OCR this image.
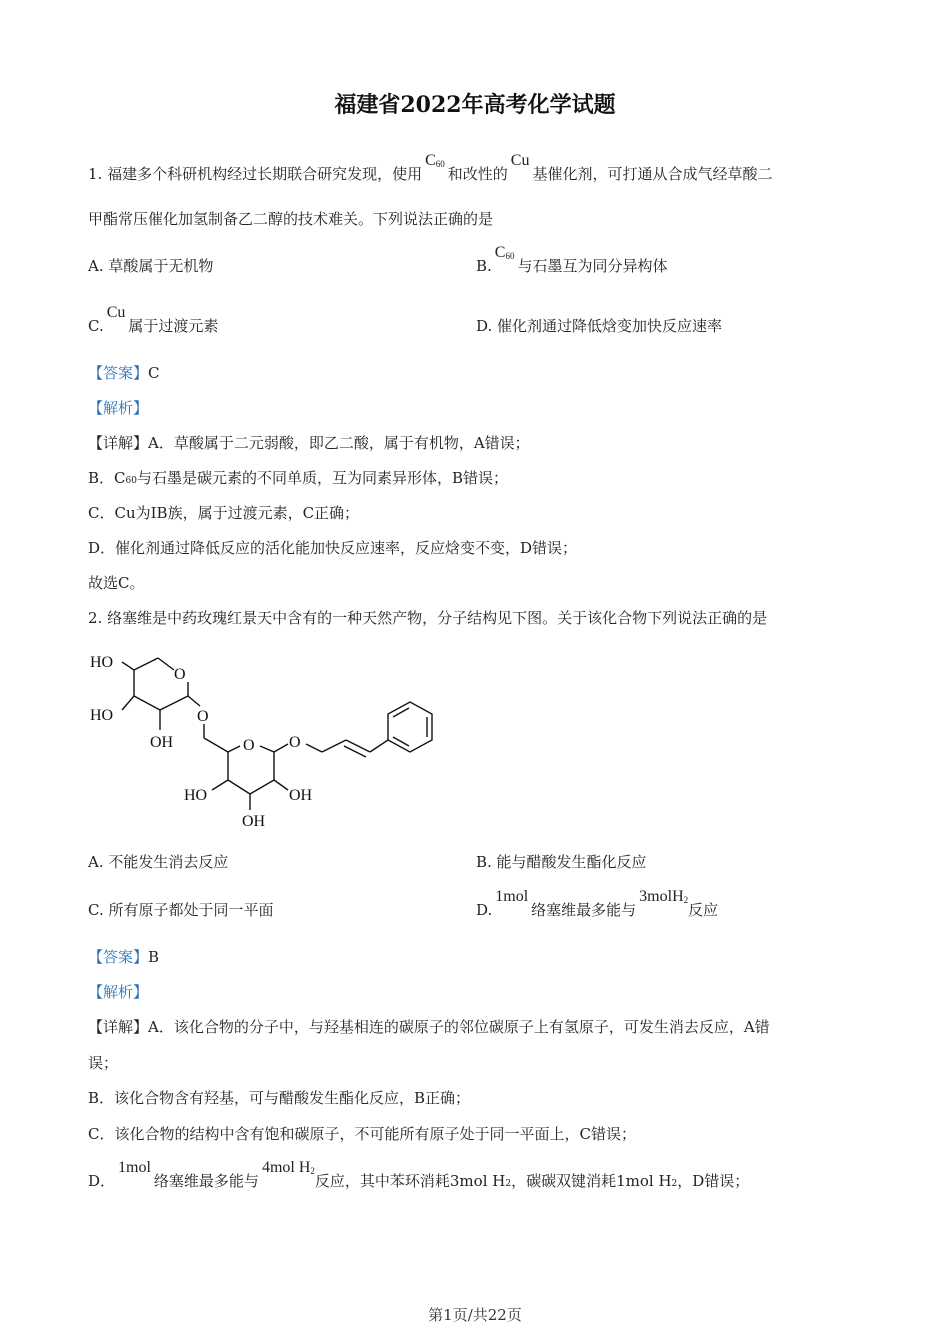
福建省2022年高考化学试题
1. 福建多个科研机构经过长期联合研究发现，使用$C_{60}$和改性的Cu基催化剂，可打通从合成气经草酸二
甲酯常压催化加氢制备乙二醇的技术难关。下列说法正确的是
A. 草酸属于无机物	$B.C_{60}$与石墨互为同分异构体
C.Cu属于过渡元素	D. 催化剂通过降低焓变加快反应速率
【答案】C
【解析】
【详解】A．草酸属于二元弱酸，即乙二酸，属于有机物，A错误；
B．C60与石墨是碳元素的不同单质，互为同素异形体，B错误；
C．Cu为ⅠB族，属于过渡元素，C正确；
D．催化剂通过降低反应的活化能加快反应速率，反应焓变不变，D错误；
故选C。
2. 络塞维是中药玫瑰红景天中含有的一种天然产物，分子结构见下图。关于该化合物下列说法正确的是
HO
HO
OH
O
O
O O
HO	OH
OH
A. 不能发生消去反应	B. 能与醋酸发生酯化反应
C. 所有原子都处于同一平面	D.1mol络塞维最多能与3molH$_2$反应
【答案】B
【解析】
【详解】A．该化合物的分子中，与羟基相连的碳原子的邻位碳原子上有氢原子，可发生消去反应，A错
误；
B．该化合物含有羟基，可与醋酸发生酯化反应，B正确；
C．该化合物的结构中含有饱和碳原子，不可能所有原子处于同一平面上，C错误；
D．1mol络塞维最多能与4mol $H_2$反应，其中苯环消耗3mol H2，碳碳双键消耗1mol H2，D错误；
第1页/共22页
